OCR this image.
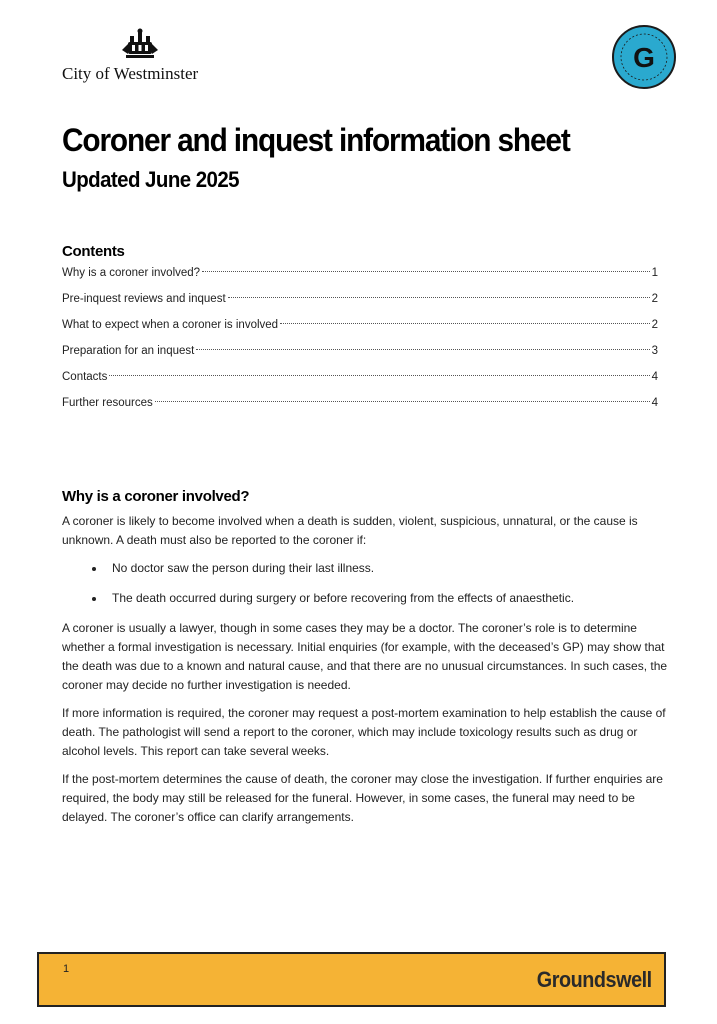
City of Westminster
G
Coroner and inquest information sheet
Updated June 2025
Contents
Why is a coroner involved?	1
Pre-inquest reviews and inquest	2
What to expect when a coroner is involved	2
Preparation for an inquest	3
Contacts	4
Further resources	4
Why is a coroner involved?

A coroner is likely to become involved when a death is sudden, violent, suspicious, unnatural, or the cause is unknown. A death must also be reported to the coroner if:

• No doctor saw the person during their last illness.
• The death occurred during surgery or before recovering from the effects of anaesthetic.

A coroner is usually a lawyer, though in some cases they may be a doctor. The coroner’s role is to determine whether a formal investigation is necessary. Initial enquiries (for example, with the deceased’s GP) may show that the death was due to a known and natural cause, and that there are no unusual circumstances. In such cases, the coroner may decide no further investigation is needed.

If more information is required, the coroner may request a post-mortem examination to help establish the cause of death. The pathologist will send a report to the coroner, which may include toxicology results such as drug or alcohol levels. This report can take several weeks.

If the post-mortem determines the cause of death, the coroner may close the investigation. If further enquiries are required, the body may still be released for the funeral. However, in some cases, the funeral may need to be delayed. The coroner’s office can clarify arrangements.

1	Groundswell
